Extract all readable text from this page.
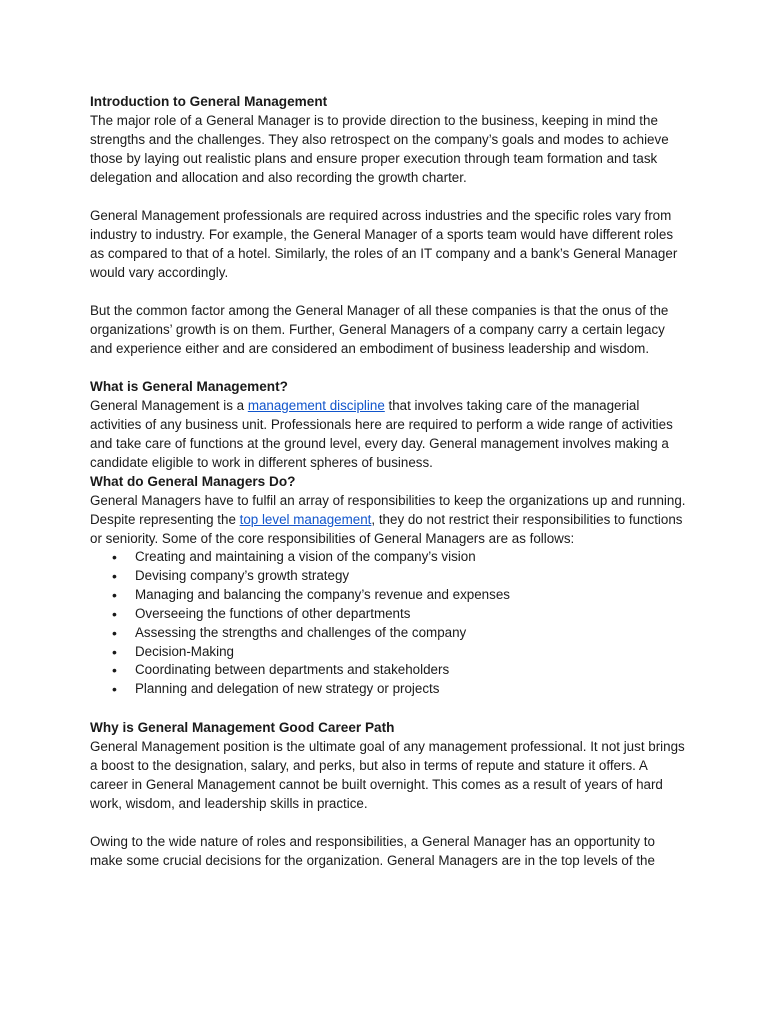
Introduction to General Management

The major role of a General Manager is to provide direction to the business, keeping in mind the strengths and the challenges. They also retrospect on the company’s goals and modes to achieve those by laying out realistic plans and ensure proper execution through team formation and task delegation and allocation and also recording the growth charter.

General Management professionals are required across industries and the specific roles vary from industry to industry. For example, the General Manager of a sports team would have different roles as compared to that of a hotel. Similarly, the roles of an IT company and a bank’s General Manager would vary accordingly.

But the common factor among the General Manager of all these companies is that the onus of the organizations’ growth is on them. Further, General Managers of a company carry a certain legacy and experience either and are considered an embodiment of business leadership and wisdom.

What is General Management?

General Management is a management discipline that involves taking care of the managerial activities of any business unit. Professionals here are required to perform a wide range of activities and take care of functions at the ground level, every day. General management involves making a candidate eligible to work in different spheres of business.

What do General Managers Do?

General Managers have to fulfil an array of responsibilities to keep the organizations up and running. Despite representing the top level management, they do not restrict their responsibilities to functions or seniority. Some of the core responsibilities of General Managers are as follows:

• Creating and maintaining a vision of the company’s vision
• Devising company’s growth strategy
• Managing and balancing the company’s revenue and expenses
• Overseeing the functions of other departments
• Assessing the strengths and challenges of the company
• Decision-Making
• Coordinating between departments and stakeholders
• Planning and delegation of new strategy or projects
Why is General Management Good Career Path

General Management position is the ultimate goal of any management professional. It not just brings a boost to the designation, salary, and perks, but also in terms of repute and stature it offers. A career in General Management cannot be built overnight. This comes as a result of years of hard work, wisdom, and leadership skills in practice.

Owing to the wide nature of roles and responsibilities, a General Manager has an opportunity to make some crucial decisions for the organization. General Managers are in the top levels of the
